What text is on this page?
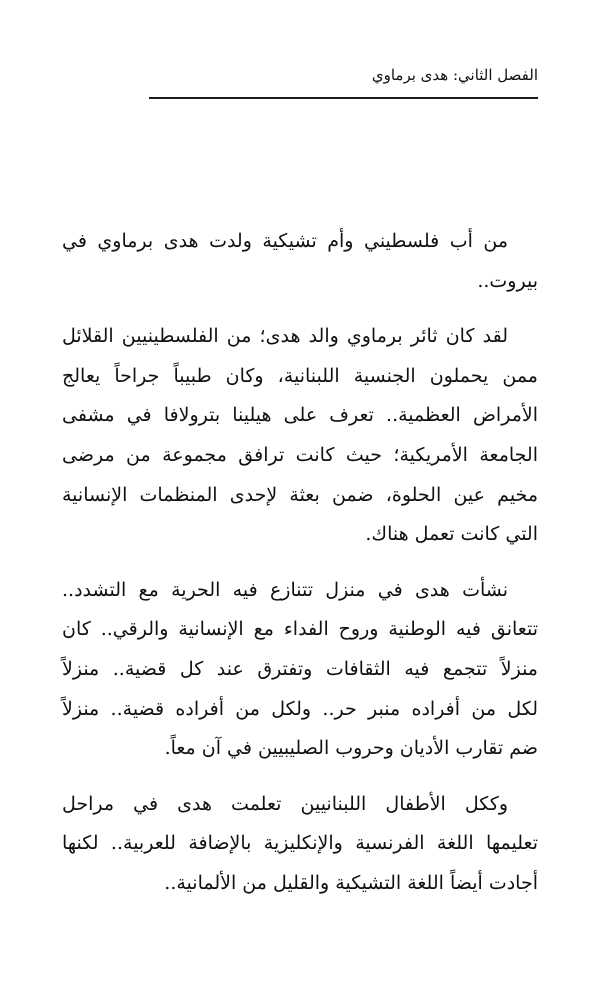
الفصل الثاني: هدى برماوي

من أب فلسطيني وأم تشيكية ولدت هدى برماوي في
بيروت..

لقد كان ثائر برماوي والد هدى؛ من الفلسطينيين القلائل
ممن يحملون الجنسية اللبنانية، وكان طبيباً جراحاً يعالج
الأمراض العظمية.. تعرف على هيلينا بترولافا في مشفى
الجامعة الأمريكية؛ حيث كانت ترافق مجموعة من مرضى
مخيم عين الحلوة، ضمن بعثة لإحدى المنظمات الإنسانية
التي كانت تعمل هناك.

نشأت هدى في منزل تتنازع فيه الحرية مع التشدد..
تتعانق فيه الوطنية وروح الفداء مع الإنسانية والرقي.. كان
منزلاً تتجمع فيه الثقافات وتفترق عند كل قضية.. منزلاً
لكل من أفراده منبر حر.. ولكل من أفراده قضية.. منزلاً
ضم تقارب الأديان وحروب الصليبيين في آن معاً.

وككل الأطفال اللبنانيين تعلمت هدى في مراحل
تعليمها اللغة الفرنسية والإنكليزية بالإضافة للعربية.. لكنها
أجادت أيضاً اللغة التشيكية والقليل من الألمانية..
